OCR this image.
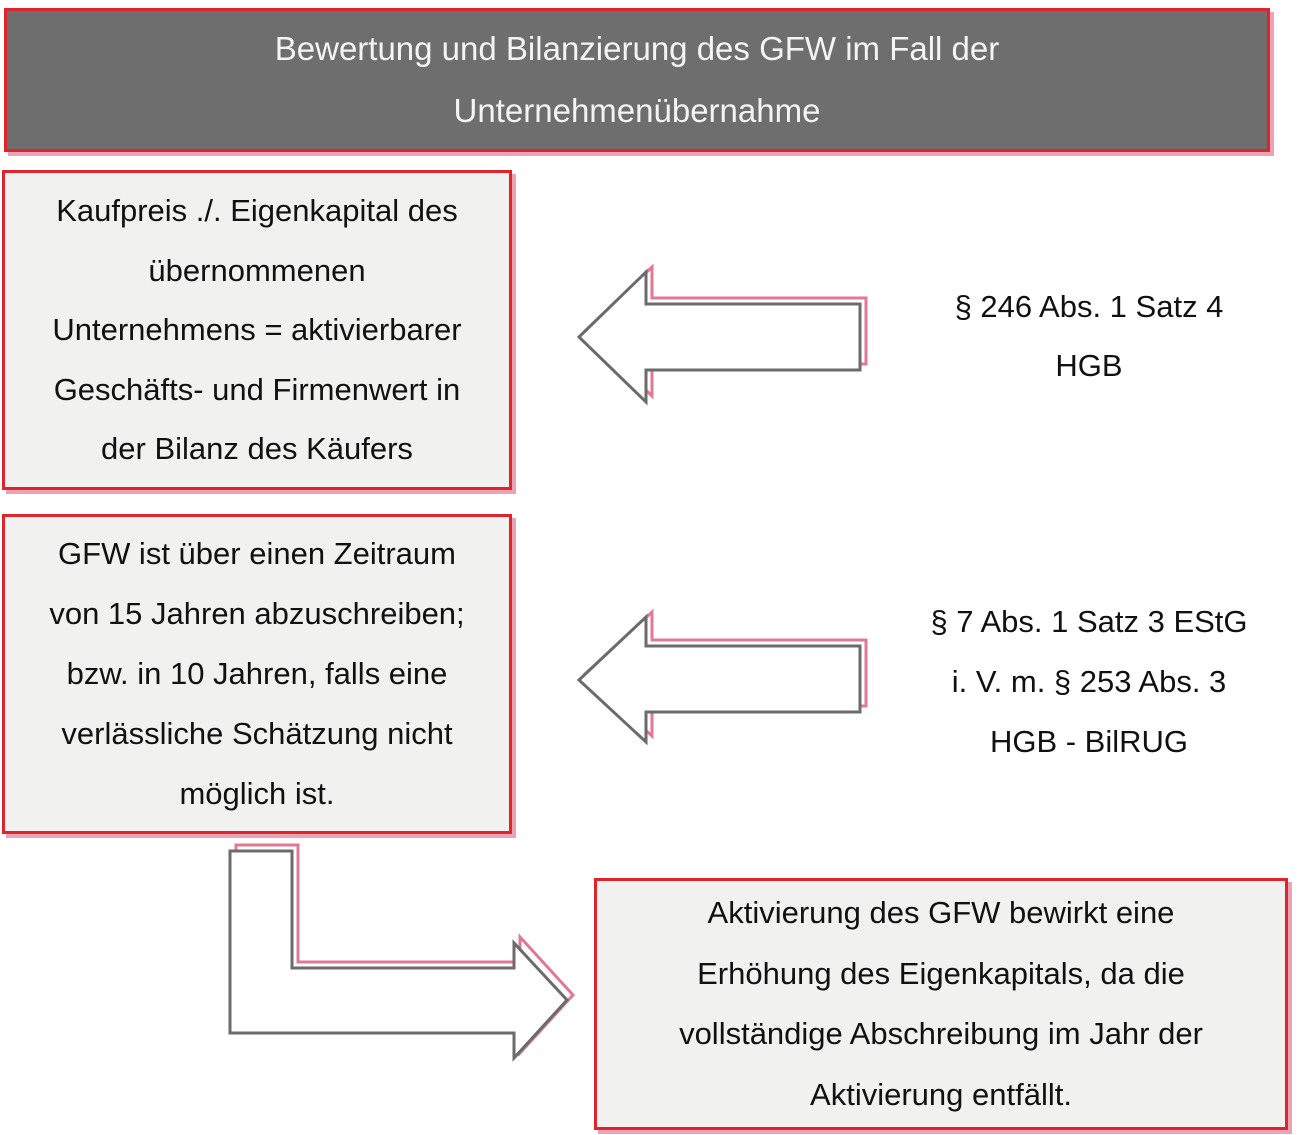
Bewertung und Bilanzierung des GFW im Fall der
Unternehmenübernahme
Kaufpreis ./. Eigenkapital des
übernommenen
Unternehmens = aktivierbarer
Geschäfts- und Firmenwert in
der Bilanz des Käufers
GFW ist über einen Zeitraum
von 15 Jahren abzuschreiben;
bzw. in 10 Jahren, falls eine
verlässliche Schätzung nicht
möglich ist.
Aktivierung des GFW bewirkt eine
Erhöhung des Eigenkapitals, da die
vollständige Abschreibung im Jahr der
Aktivierung entfällt.
§ 246 Abs. 1 Satz 4
HGB
§ 7 Abs. 1 Satz 3 EStG
i. V. m. § 253 Abs. 3
HGB - BilRUG
